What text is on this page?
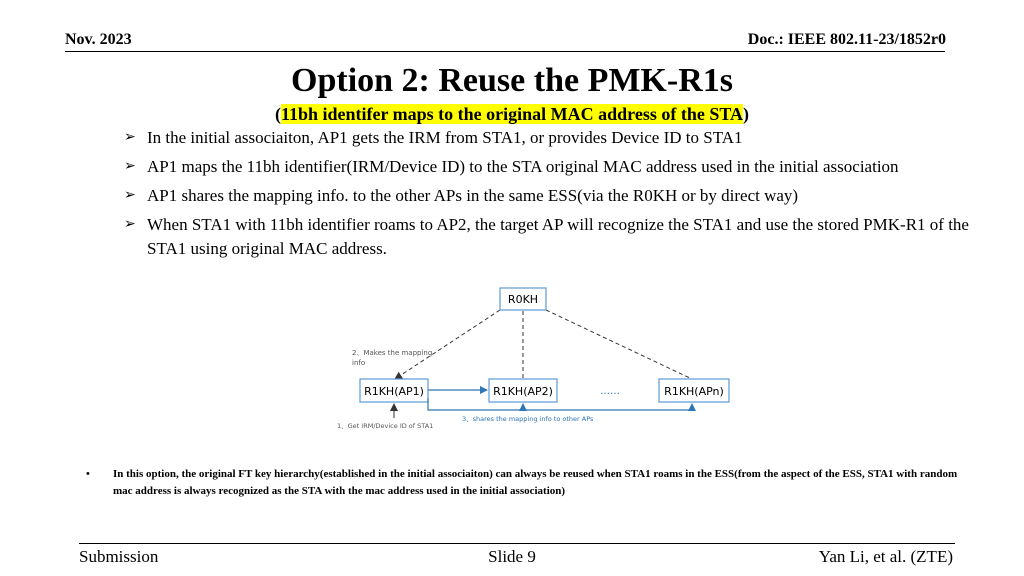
Nov. 2023	Doc.: IEEE 802.11-23/1852r0
Option 2: Reuse the PMK-R1s
(11bh identifer maps to the original MAC address of the STA)
➢ In the initial associaiton, AP1 gets the IRM from STA1, or provides Device ID to STA1
➢ AP1 maps the 11bh identifier(IRM/Device ID) to the STA original MAC address used in the initial association
➢ AP1 shares the mapping info. to the other APs in the same ESS(via the R0KH or by direct way)
➢ When STA1 with 11bh identifier roams to AP2, the target AP will recognize the STA1 and use the stored PMK-R1 of the STA1 using original MAC address.
R0KH
R1KH(AP1)	R1KH(AP2)	R1KH(APn)
……
2、Makes the mapping
info
1、Get IRM/Device ID of STA1
3、shares the mapping info to other APs
• In this option, the original FT key hierarchy(established in the initial associaiton) can always be reused when STA1 roams in the ESS(from the aspect of the ESS, STA1 with random mac address is always recognized as the STA with the mac address used in the initial association)
Submission	Slide 9	Yan Li, et al. (ZTE)
